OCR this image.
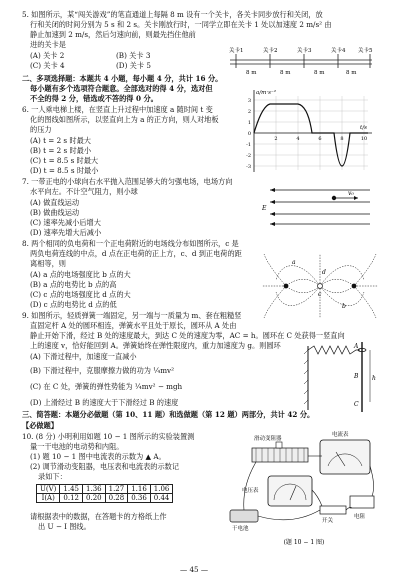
5. 如图所示，某“闯关游戏”的笔直通道上每隔 8 m 设有一个关卡，各关卡同步放行和关闭，放
行和关闭的时间分别为 5 s 和 2 s。关卡刚放行时，一同学立即在关卡 1 处以加速度 2 m/s² 由
静止加速到 2 m/s，然后匀速向前，则最先挡住他前
进的关卡是
(A) 关卡 2	(B) 关卡 3
(C) 关卡 4	(D) 关卡 5
关卡1	关卡2	关卡3	关卡4 关卡5
8 m	8 m	8 m	8 m
二、多项选择题：本题共 4 小题，每小题 4 分，共计 16 分。
每小题有多个选项符合题意。全部选对的得 4 分，选对但
不全的得 2 分，错选或不答的得 0 分。
6. 一人乘电梯上楼，在竖直上升过程中加速度 a 随时间 t 变
化的图线如图所示，以竖直向上为 a 的正方向，则人对地板
的压力
(A) t = 2 s 时最大
(B) t = 2 s 时最小
(C) t = 8.5 s 时最大
(D) t = 8.5 s 时最小
a/m·s⁻²
t/s
3
2
1
0
-1
-2
-3
2	4	6	8	10
7. 一带正电的小球向右水平抛入范围足够大的匀强电场，电场方向
水平向左。不计空气阻力，则小球
(A) 做直线运动
(B) 做曲线运动
(C) 速率先减小后增大
(D) 速率先增大后减小
v₀
E
8. 两个相同的负电荷和一个正电荷附近的电场线分布如图所示，c 是
两负电荷连线的中点，d 点在正电荷的正上方，c、d 到正电荷的距
离相等，则
(A) a 点的电场强度比 b 点的大
(B) a 点的电势比 b 点的高
(C) c 点的电场强度比 d 点的大
(D) c 点的电势比 d 点的低
a
b
c
d
9. 如图所示，轻质弹簧一端固定，另一端与一质量为 m、套在粗糙竖
直固定杆 A 处的圆环相连，弹簧水平且处于原长，圆环从 A 处由
静止开始下滑，经过 B 处的速度最大，到达 C 处的速度为零，AC = h。圆环在 C 处获得一竖直向
上的速度 v，恰好能回到 A。弹簧始终在弹性限度内，重力加速度为 g。则圆环
(A) 下滑过程中，加速度一直减小
(B) 下滑过程中，克服摩擦力做的功为 ¼mv²
(C) 在 C 处，弹簧的弹性势能为 ¼mv² − mgh
(D) 上滑经过 B 的速度大于下滑经过 B 的速度
A
B
C
h
三、简答题：本题分必做题（第 10、11 题）和选做题（第 12 题）两部分，共计 42 分。
【必做题】
10. (8 分) 小明利用如题 10 − 1 图所示的实验装置测
量一干电池的电动势和内阻。
(1) 题 10 − 1 图中电流表的示数为 ▲ A。
(2) 调节滑动变阻器，电压表和电流表的示数记
录如下：
U(V)	1.45	1.36	1.27	1.16	1.06
I(A)	0.12	0.20	0.28	0.36	0.44
请根据表中的数据，在答题卡的方格纸上作
出 U − I 图线。
滑动变阻器
电流表
电压表
干电池
开关
电阻
(题 10 − 1 图)
— 45 —
